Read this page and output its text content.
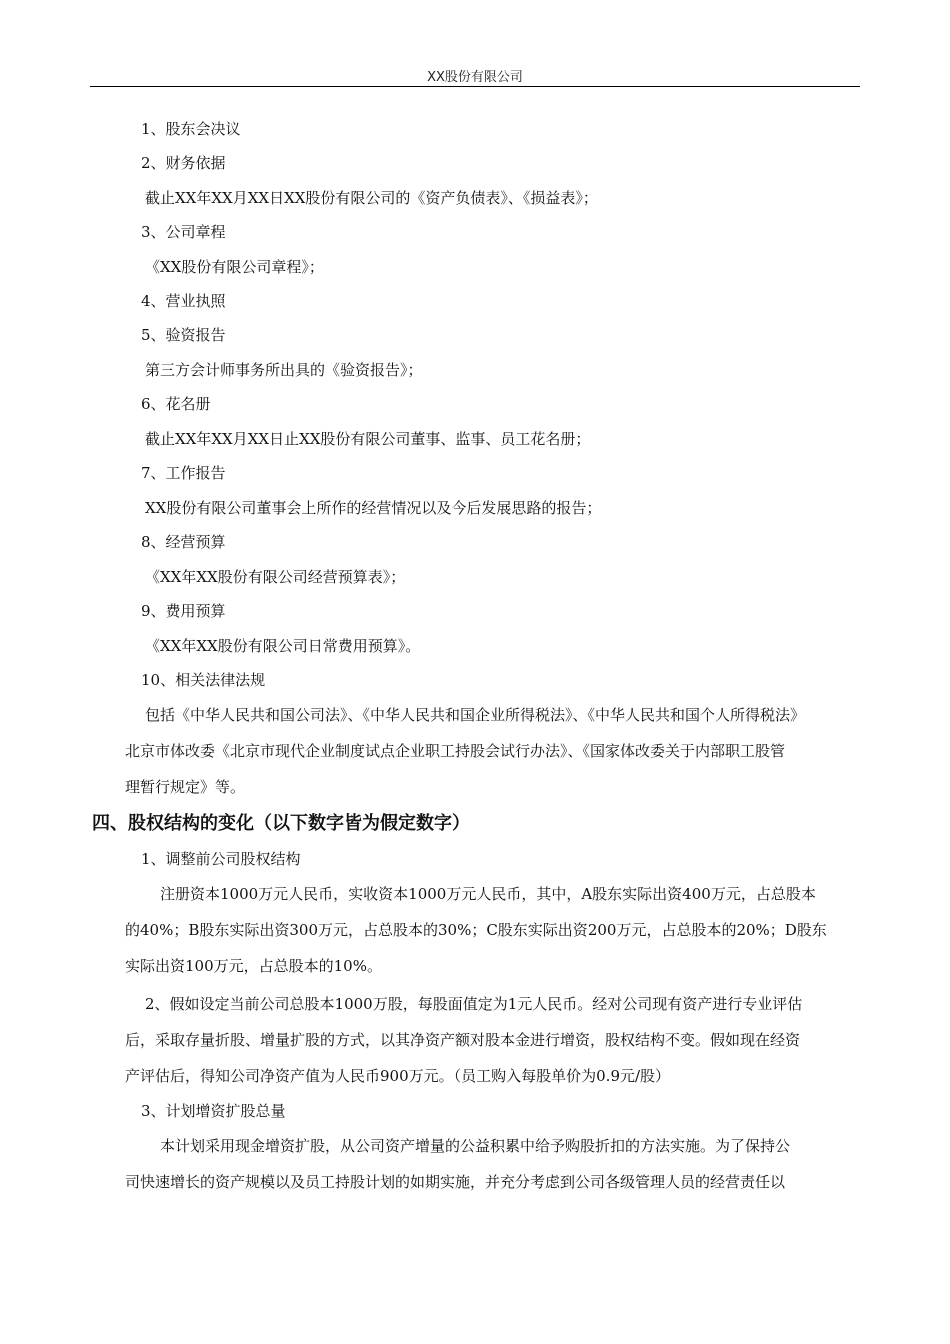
XX股份有限公司
1、股东会决议
2、财务依据
截止XX年XX月XX日XX股份有限公司的《资产负债表》、《损益表》；
3、公司章程
《XX股份有限公司章程》；
4、营业执照
5、验资报告
第三方会计师事务所出具的《验资报告》；
6、花名册
截止XX年XX月XX日止XX股份有限公司董事、监事、员工花名册；
7、工作报告
XX股份有限公司董事会上所作的经营情况以及今后发展思路的报告；
8、经营预算
《XX年XX股份有限公司经营预算表》；
9、费用预算
《XX年XX股份有限公司日常费用预算》。
10、相关法律法规
包括《中华人民共和国公司法》、《中华人民共和国企业所得税法》、《中华人民共和国个人所得税法》
北京市体改委《北京市现代企业制度试点企业职工持股会试行办法》、《国家体改委关于内部职工股管
理暂行规定》等。
四、股权结构的变化（以下数字皆为假定数字）
1、调整前公司股权结构
注册资本1000万元人民币，实收资本1000万元人民币，其中，A股东实际出资400万元，占总股本
的40%；B股东实际出资300万元，占总股本的30%；C股东实际出资200万元，占总股本的20%；D股东
实际出资100万元，占总股本的10%。
2、假如设定当前公司总股本1000万股，每股面值定为1元人民币。经对公司现有资产进行专业评估
后，采取存量折股、增量扩股的方式，以其净资产额对股本金进行增资，股权结构不变。假如现在经资
产评估后，得知公司净资产值为人民币900万元。（员工购入每股单价为0.9元/股）
3、计划增资扩股总量
本计划采用现金增资扩股，从公司资产增量的公益积累中给予购股折扣的方法实施。为了保持公
司快速增长的资产规模以及员工持股计划的如期实施，并充分考虑到公司各级管理人员的经营责任以
